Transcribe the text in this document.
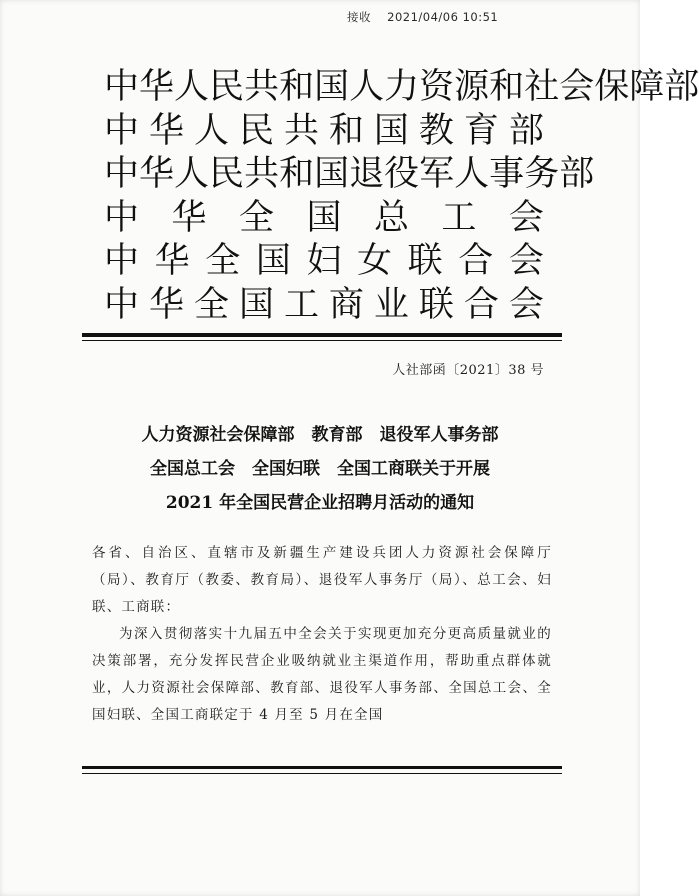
接收 2021/04/06 10:51
中 华 人 民 共 和 国 人 力 资 源 和 社 会 保 障 部
中 华 人 民 共 和 国 教 育 部
中 华 人 民 共 和 国 退 役 军 人 事 务 部
中 华 全 国 总 工 会
中 华 全 国 妇 女 联 合 会
中 华 全 国 工 商 业 联 合 会
人社部函〔2021〕38 号
人力资源社会保障部　教育部　退役军人事务部
全国总工会　全国妇联　全国工商联关于开展
2021 年全国民营企业招聘月活动的通知

各省、自治区、直辖市及新疆生产建设兵团人力资源社会保障厅（局）、教育厅（教委、教育局）、退役军人事务厅（局）、总工会、妇联、工商联：

为深入贯彻落实十九届五中全会关于实现更加充分更高质量就业的决策部署，充分发挥民营企业吸纳就业主渠道作用，帮助重点群体就业，人力资源社会保障部、教育部、退役军人事务部、全国总工会、全国妇联、全国工商联定于 4 月至 5 月在全国
